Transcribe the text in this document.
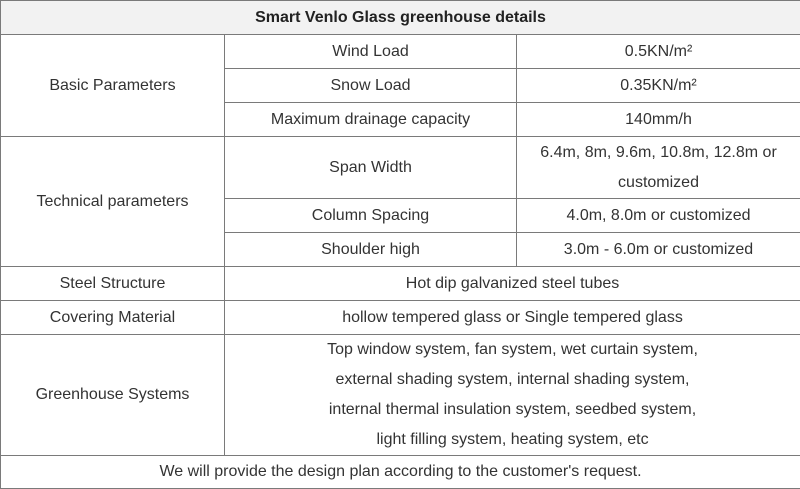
Smart Venlo Glass greenhouse details		
Basic Parameters	Wind Load	0.5KN/m²
	Snow Load	0.35KN/m²
	Maximum drainage capacity	140mm/h
Technical parameters	Span Width	6.4m, 8m, 9.6m, 10.8m, 12.8m or
customized

	Column Spacing	4.0m, 8.0m or customized
	Shoulder high	3.0m - 6.0m or customized
Steel Structure	Hot dip galvanized steel tubes	
Covering Material	hollow tempered glass or Single tempered glass	
Greenhouse Systems	Top window system, fan system, wet curtain system,
external shading system, internal shading system,
internal thermal insulation system, seedbed system,
light filling system, heating system, etc	

We will provide the design plan according to the customer's request.		
